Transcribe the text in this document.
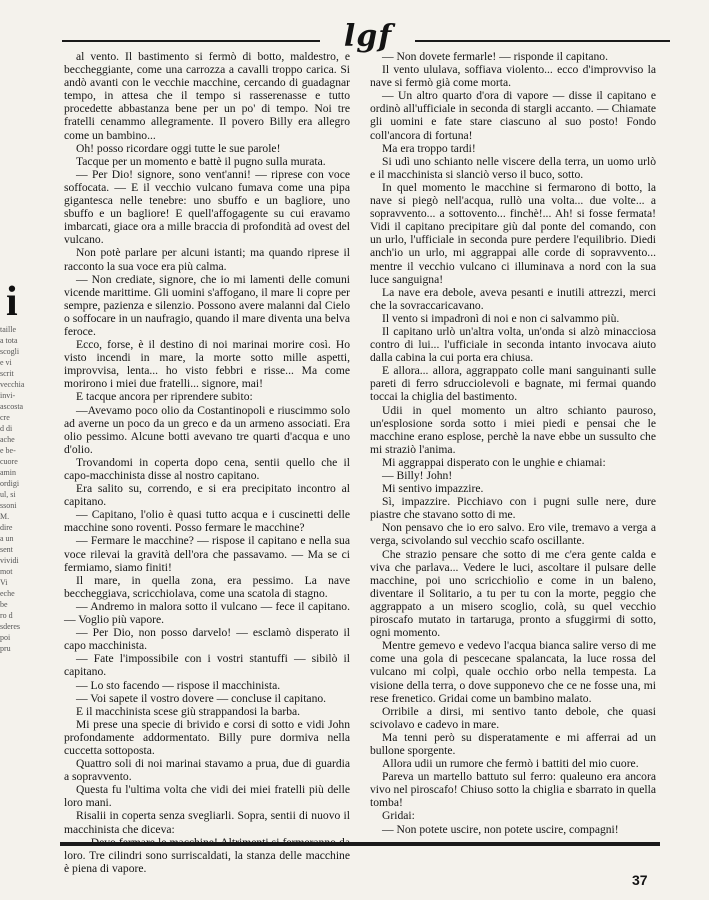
lgf

al vento. Il bastimento si fermò di botto, maldestro, e beccheggiante, come una carrozza a cavalli troppo carica. Si andò avanti con le vecchie macchine, cercando di guadagnar tempo, in attesa che il tempo si rasserenasse e tutto procedette abbastanza bene per un po' di tempo. Noi tre fratelli cenammo allegramente. Il povero Billy era allegro come un bambino...

Oh! posso ricordare oggi tutte le sue parole!

Tacque per un momento e battè il pugno sulla murata.

— Per Dio! signore, sono vent'anni! — riprese con voce soffocata. — E il vecchio vulcano fumava come una pipa gigantesca nelle tenebre: uno sbuffo e un bagliore, uno sbuffo e un bagliore! E quell'affogagente su cui eravamo imbarcati, giace ora a mille braccia di profondità ad ovest del vulcano.

Non potè parlare per alcuni istanti; ma quando riprese il racconto la sua voce era più calma.

— Non crediate, signore, che io mi lamenti delle comuni vicende marittime. Gli uomini s'affogano, il mare li copre per sempre, pazienza e silenzio. Possono avere malanni dal Cielo o soffocare in un naufragio, quando il mare diventa una belva feroce.

Ecco, forse, è il destino di noi marinai morire così. Ho visto incendi in mare, la morte sotto mille aspetti, improvvisa, lenta... ho visto febbri e risse... Ma come morirono i miei due fratelli... signore, mai!

E tacque ancora per riprendere subito:

—Avevamo poco olio da Costantinopoli e riuscimmo solo ad averne un poco da un greco e da un armeno associati. Era olio pessimo. Alcune botti avevano tre quarti d'acqua e uno d'olio.

Trovandomi in coperta dopo cena, sentii quello che il capo-macchinista disse al nostro capitano.

Era salito su, correndo, e si era precipitato incontro al capitano.

— Capitano, l'olio è quasi tutto acqua e i cuscinetti delle macchine sono roventi. Posso fermare le macchine?

— Fermare le macchine? — rispose il capitano e nella sua voce rilevai la gravità dell'ora che passavamo. — Ma se ci fermiamo, siamo finiti!

Il mare, in quella zona, era pessimo. La nave beccheggiava, scricchiolava, come una scatola di stagno.

— Andremo in malora sotto il vulcano — fece il capitano. — Voglio più vapore.

— Per Dio, non posso darvelo! — esclamò disperato il capo macchinista.

— Fate l'impossibile con i vostri stantuffi — sibilò il capitano.

— Lo sto facendo — rispose il macchinista.

— Voi sapete il vostro dovere — concluse il capitano.

E il macchinista scese giù strappandosi la barba.

Mi prese una specie di brivido e corsi di sotto e vidi John profondamente addormentato. Billy pure dormiva nella cuccetta sottoposta.

Quattro soli di noi marinai stavamo a prua, due di guardia a sopravvento.

Questa fu l'ultima volta che vidi dei miei fratelli più delle loro mani.

Risalii in coperta senza svegliarli. Sopra, sentii di nuovo il macchinista che diceva:

loro. Tre cilindri sono surriscaldati, la stanza delle macchine è piena di vapore.

— Non dovete fermarle! — risponde il capitano.

Il vento ululava, soffiava violento... ecco d'improvviso la nave si fermò già come morta.

— Un altro quarto d'ora di vapore — disse il capitano e ordinò all'ufficiale in seconda di stargli accanto. — Chiamate gli uomini e fate stare ciascuno al suo posto! Fondo coll'ancora di fortuna!

Ma era troppo tardi!

Si udì uno schianto nelle viscere della terra, un uomo urlò e il macchinista si slanciò verso il buco, sotto.

In quel momento le macchine si fermarono di botto, la nave si piegò nell'acqua, rullò una volta... due volte... a sopravvento... a sottovento... finchè!... Ah! si fosse fermata! Vidi il capitano precipitare giù dal ponte del comando, con un urlo, l'ufficiale in seconda pure perdere l'equilibrio. Diedi anch'io un urlo, mi aggrappai alle corde di sopravvento... mentre il vecchio vulcano ci illuminava a nord con la sua luce sanguigna!

La nave era debole, aveva pesanti e inutili attrezzi, merci che la sovraccaricavano.

Il vento si impadronì di noi e non ci salvammo più.

Il capitano urlò un'altra volta, un'onda si alzò minacciosa contro di lui... l'ufficiale in seconda intanto invocava aiuto dalla cabina la cui porta era chiusa.

E allora... allora, aggrappato colle mani sanguinanti sulle pareti di ferro sdrucciolevoli e bagnate, mi fermai quando toccai la chiglia del bastimento.

Udii in quel momento un altro schianto pauroso, un'esplosione sorda sotto i miei piedi e pensai che le macchine erano esplose, perchè la nave ebbe un sussulto che mi straziò l'anima.

Mi aggrappai disperato con le unghie e chiamai:

— Billy! John!

Mi sentivo impazzire.

Sì, impazzire. Picchiavo con i pugni sulle nere, dure piastre che stavano sotto di me.

Non pensavo che io ero salvo. Ero vile, tremavo a verga a verga, scivolando sul vecchio scafo oscillante.

Che strazio pensare che sotto di me c'era gente calda e viva che parlava... Vedere le luci, ascoltare il pulsare delle macchine, poi uno scricchiolìo e come in un baleno, diventare il Solitario, a tu per tu con la morte, peggio che aggrappato a un misero scoglio, colà, su quel vecchio piroscafo mutato in tartaruga, pronto a sfuggirmi di sotto, ogni momento.

Mentre gemevo e vedevo l'acqua bianca salire verso di me come una gola di pescecane spalancata, la luce rossa del vulcano mi colpì, quale occhio orbo nella tempesta. La visione della terra, o dove supponevo che ce ne fosse una, mi rese frenetico. Gridai come un bambino malato.

Orribile a dirsi, mi sentivo tanto debole, che quasi scivolavo e cadevo in mare.

Ma tenni però su disperatamente e mi afferrai ad un bullone sporgente.

Allora udii un rumore che fermò i battiti del mio cuore.

Pareva un martello battuto sul ferro: qualeuno era ancora vivo nel piroscafo! Chiuso sotto la chiglia e sbarrato in quella tomba!

Gridai:

— Non potete uscire, non potete uscire, compagni!

i
taille
a tota
scogli
e vi
scrit
vecchia
invi-
ascosta
cre
d di
ache
e be-
cuore
amin
ordigi
ul, si
ssoni
M.
dire
a un
sent
vividi
mot
Vi
eche
be
ro d
sderes
poi
pru
37
